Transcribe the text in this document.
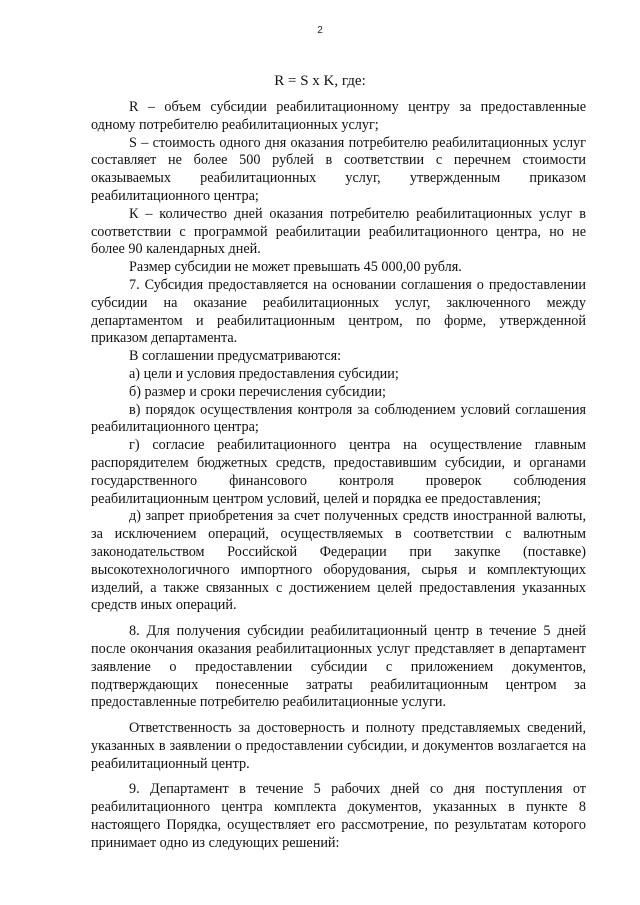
2
R = S x K, где:

R – объем субсидии реабилитационному центру за предоставленные одному потребителю реабилитационных услуг;

S – стоимость одного дня оказания потребителю реабилитационных услуг составляет не более 500 рублей в соответствии с перечнем стоимости оказываемых реабилитационных услуг, утвержденным приказом реабилитационного центра;

К – количество дней оказания потребителю реабилитационных услуг в соответствии с программой реабилитации реабилитационного центра, но не более 90 календарных дней.

Размер субсидии не может превышать 45 000,00 рубля.

7. Субсидия предоставляется на основании соглашения о предоставлении субсидии на оказание реабилитационных услуг, заключенного между департаментом и реабилитационным центром, по форме, утвержденной приказом департамента.

В соглашении предусматриваются:

а) цели и условия предоставления субсидии;

б) размер и сроки перечисления субсидии;

в) порядок осуществления контроля за соблюдением условий соглашения реабилитационного центра;

г) согласие реабилитационного центра на осуществление главным распорядителем бюджетных средств, предоставившим субсидии, и органами государственного финансового контроля проверок соблюдения реабилитационным центром условий, целей и порядка ее предоставления;

д) запрет приобретения за счет полученных средств иностранной валюты, за исключением операций, осуществляемых в соответствии с валютным законодательством Российской Федерации при закупке (поставке) высокотехнологичного импортного оборудования, сырья и комплектующих изделий, а также связанных с достижением целей предоставления указанных средств иных операций.

8. Для получения субсидии реабилитационный центр в течение 5 дней после окончания оказания реабилитационных услуг представляет в департамент заявление о предоставлении субсидии с приложением документов, подтверждающих понесенные затраты реабилитационным центром за предоставленные потребителю реабилитационные услуги.

Ответственность за достоверность и полноту представляемых сведений, указанных в заявлении о предоставлении субсидии, и документов возлагается на реабилитационный центр.

9. Департамент в течение 5 рабочих дней со дня поступления от реабилитационного центра комплекта документов, указанных в пункте 8 настоящего Порядка, осуществляет его рассмотрение, по результатам которого принимает одно из следующих решений:
